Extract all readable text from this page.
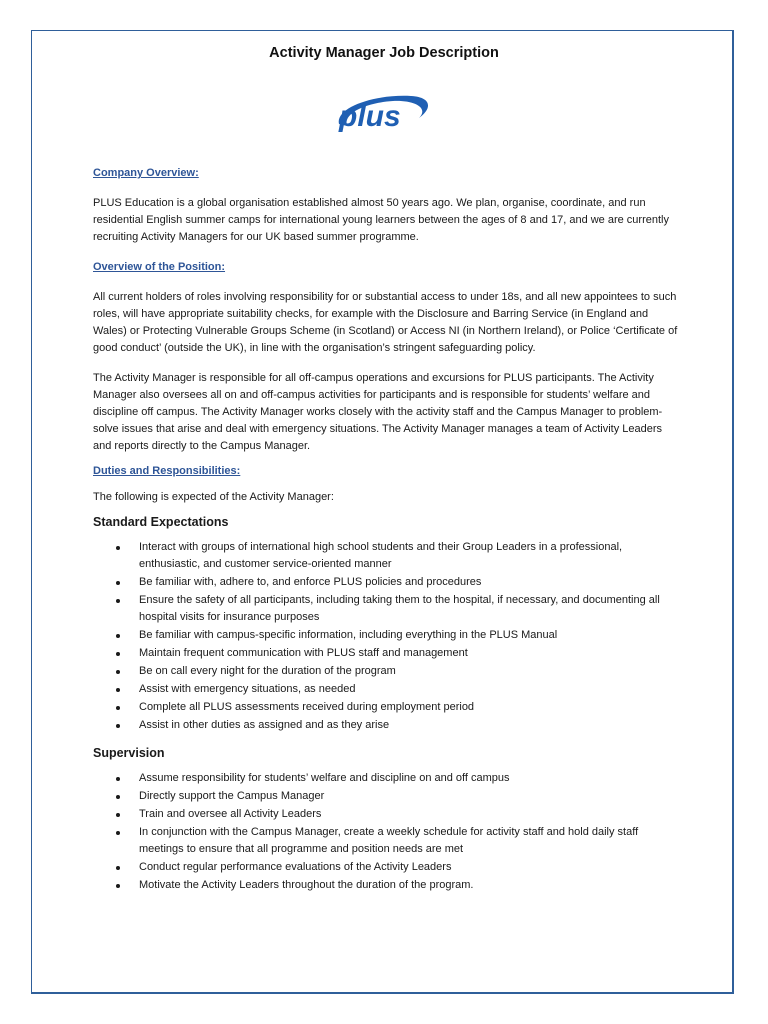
Activity Manager Job Description
plus
Company Overview:
PLUS Education is a global organisation established almost 50 years ago. We plan, organise, coordinate, and run residential English summer camps for international young learners between the ages of 8 and 17, and we are currently recruiting Activity Managers for our UK based summer programme.
Overview of the Position:
All current holders of roles involving responsibility for or substantial access to under 18s, and all new appointees to such roles, will have appropriate suitability checks, for example with the Disclosure and Barring Service (in England and Wales) or Protecting Vulnerable Groups Scheme (in Scotland) or Access NI (in Northern Ireland), or Police ‘Certificate of good conduct’ (outside the UK), in line with the organisation’s stringent safeguarding policy.
The Activity Manager is responsible for all off-campus operations and excursions for PLUS participants. The Activity Manager also oversees all on and off-campus activities for participants and is responsible for students’ welfare and discipline off campus. The Activity Manager works closely with the activity staff and the Campus Manager to problem-solve issues that arise and deal with emergency situations. The Activity Manager manages a team of Activity Leaders and reports directly to the Campus Manager.
Duties and Responsibilities:
The following is expected of the Activity Manager:
Standard Expectations
Interact with groups of international high school students and their Group Leaders in a professional, enthusiastic, and customer service-oriented manner
Be familiar with, adhere to, and enforce PLUS policies and procedures
Ensure the safety of all participants, including taking them to the hospital, if necessary, and documenting all hospital visits for insurance purposes
Be familiar with campus-specific information, including everything in the PLUS Manual
Maintain frequent communication with PLUS staff and management
Be on call every night for the duration of the program
Assist with emergency situations, as needed
Complete all PLUS assessments received during employment period
Assist in other duties as assigned and as they arise
Supervision
Assume responsibility for students’ welfare and discipline on and off campus
Directly support the Campus Manager
Train and oversee all Activity Leaders
In conjunction with the Campus Manager, create a weekly schedule for activity staff and hold daily staff meetings to ensure that all programme and position needs are met
Conduct regular performance evaluations of the Activity Leaders
Motivate the Activity Leaders throughout the duration of the program.
